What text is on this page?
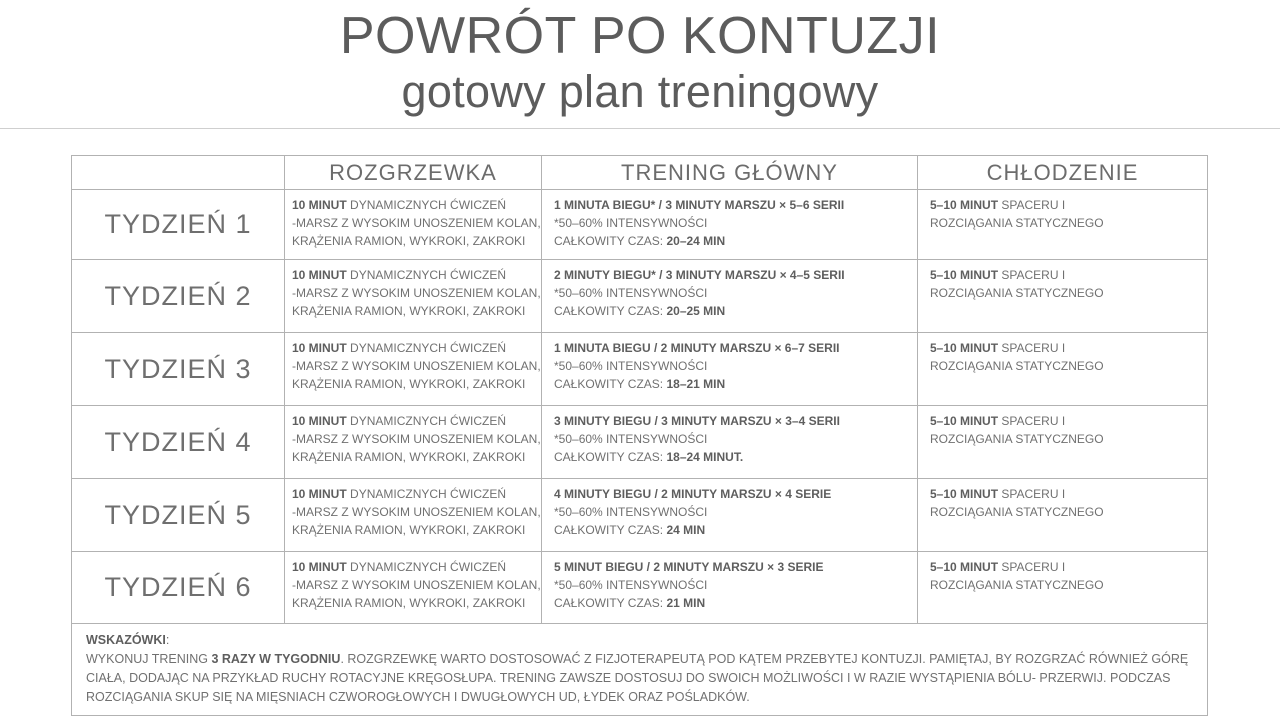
POWRÓT PO KONTUZJI
gotowy plan treningowy
ROZGRZEWKA	TRENING GŁÓWNY	CHŁODZENIE
TYDZIEŃ 1
10 MINUT DYNAMICZNYCH ĆWICZEŃ
-MARSZ Z WYSOKIM UNOSZENIEM KOLAN,
KRĄŻENIA RAMION, WYKROKI, ZAKROKI
1 MINUTA BIEGU* / 3 MINUTY MARSZU × 5–6 SERII
*50–60% INTENSYWNOŚCI
CAŁKOWITY CZAS: 20–24 MIN
5–10 MINUT SPACERU I
ROZCIĄGANIA STATYCZNEGO
TYDZIEŃ 2
10 MINUT DYNAMICZNYCH ĆWICZEŃ
-MARSZ Z WYSOKIM UNOSZENIEM KOLAN,
KRĄŻENIA RAMION, WYKROKI, ZAKROKI
2 MINUTY BIEGU* / 3 MINUTY MARSZU × 4–5 SERII
*50–60% INTENSYWNOŚCI
CAŁKOWITY CZAS: 20–25 MIN
5–10 MINUT SPACERU I
ROZCIĄGANIA STATYCZNEGO
TYDZIEŃ 3
10 MINUT DYNAMICZNYCH ĆWICZEŃ
-MARSZ Z WYSOKIM UNOSZENIEM KOLAN,
KRĄŻENIA RAMION, WYKROKI, ZAKROKI
1 MINUTA BIEGU / 2 MINUTY MARSZU × 6–7 SERII
*50–60% INTENSYWNOŚCI
CAŁKOWITY CZAS: 18–21 MIN
5–10 MINUT SPACERU I
ROZCIĄGANIA STATYCZNEGO
TYDZIEŃ 4
10 MINUT DYNAMICZNYCH ĆWICZEŃ
-MARSZ Z WYSOKIM UNOSZENIEM KOLAN,
KRĄŻENIA RAMION, WYKROKI, ZAKROKI
3 MINUTY BIEGU / 3 MINUTY MARSZU × 3–4 SERII
*50–60% INTENSYWNOŚCI
CAŁKOWITY CZAS: 18–24 MINUT.
5–10 MINUT SPACERU I
ROZCIĄGANIA STATYCZNEGO
TYDZIEŃ 5
10 MINUT DYNAMICZNYCH ĆWICZEŃ
-MARSZ Z WYSOKIM UNOSZENIEM KOLAN,
KRĄŻENIA RAMION, WYKROKI, ZAKROKI
4 MINUTY BIEGU / 2 MINUTY MARSZU × 4 SERIE
*50–60% INTENSYWNOŚCI
CAŁKOWITY CZAS: 24 MIN
5–10 MINUT SPACERU I
ROZCIĄGANIA STATYCZNEGO
TYDZIEŃ 6
10 MINUT DYNAMICZNYCH ĆWICZEŃ
-MARSZ Z WYSOKIM UNOSZENIEM KOLAN,
KRĄŻENIA RAMION, WYKROKI, ZAKROKI
5 MINUT BIEGU / 2 MINUTY MARSZU × 3 SERIE
*50–60% INTENSYWNOŚCI
CAŁKOWITY CZAS: 21 MIN
5–10 MINUT SPACERU I
ROZCIĄGANIA STATYCZNEGO
WSKAZÓWKI:
WYKONUJ TRENING 3 RAZY W TYGODNIU. ROZGRZEWKĘ WARTO DOSTOSOWAĆ Z FIZJOTERAPEUTĄ POD KĄTEM PRZEBYTEJ KONTUZJI. PAMIĘTAJ, BY ROZGRZAĆ RÓWNIEŻ GÓRĘ CIAŁA, DODAJĄC NA PRZYKŁAD RUCHY ROTACYJNE KRĘGOSŁUPA. TRENING ZAWSZE DOSTOSUJ DO SWOICH MOŻLIWOŚCI I W RAZIE WYSTĄPIENIA BÓLU- PRZERWIJ. PODCZAS ROZCIĄGANIA SKUP SIĘ NA MIĘSNIACH CZWOROGŁOWYCH I DWUGŁOWYCH UD, ŁYDEK ORAZ POŚLADKÓW.
